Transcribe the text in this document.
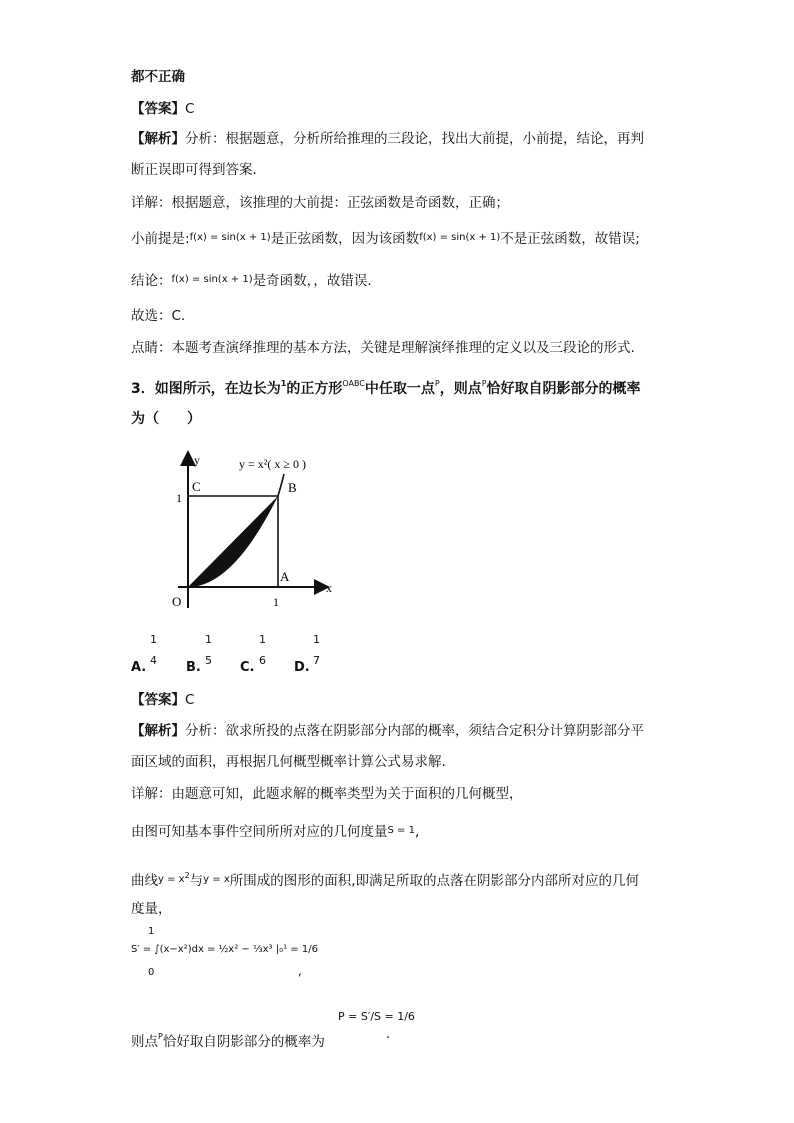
都不正确
【答案】C
【解析】分析：根据题意，分析所给推理的三段论，找出大前提，小前提，结论，再判
断正误即可得到答案.
详解：根据题意，该推理的大前提：正弦函数是奇函数，正确；
小前提是:$^{f(x) = sin(x + 1)}$是正弦函数，因为该函数$^{f(x) = sin(x + 1)}$不是正弦函数，故错误;
结论：$^{f(x) = sin(x + 1)}$是奇函数，，故错误.
故选：C.
点睛：本题考查演绎推理的基本方法，关键是理解演绎推理的定义以及三段论的形式.
3．如图所示，在边长为$^1$的正方形$^{OABC}$中任取一点$^P$，则点$^P$恰好取自阴影部分的概率
为（　　）
y = x²( x ≥ 0 )
y
x
O
A
B
C
1
1
A.
1
4 B.
1
5 C.
1
6 D.
1
7
【答案】C
【解析】分析：欲求所投的点落在阴影部分内部的概率，须结合定积分计算阴影部分平
面区域的面积，再根据几何概型概率计算公式易求解.
详解：由题意可知，此题求解的概率类型为关于面积的几何概型，
由图可知基本事件空间所所对应的几何度量$^{S = 1}$,
曲线$^{y = x2}$与$^{y = x}$所围成的图形的面积,即满足所取的点落在阴影部分内部所对应的几何
度量，
1
S′ = ∫(x−x²)dx = ½x² − ⅓x³ |₀¹ = 1/6
0	,
则点$^P$恰好取自阴影部分的概率为
P = S′/S = 1/6
.
